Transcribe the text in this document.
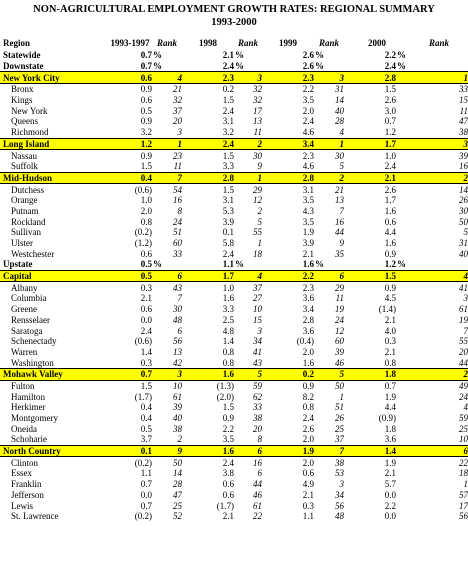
NON-AGRICULTURAL EMPLOYMENT GROWTH RATES: REGIONAL SUMMARY
1993-2000
Region	1993-1997	Rank	1998	Rank	1999	Rank	2000		Rank
Statewide	0.7	%	2.1	%	2.6	%	2.2	%	
Downstate	0.7	%	2.4	%	2.6	%	2.4	%	
New York City	0.6	4	2.3	3	2.3	3	2.8		1
Bronx	0.9	21	0.2	32	2.2	31	1.5		33
Kings	0.6	32	1.5	32	3.5	14	2.6		15
New York	0.5	37	2.4	17	2.0	40	3.0		11
Queens	0.9	20	3.1	13	2.4	28	0.7		47
Richmond	3.2	3	3.2	11	4.6	4	1.2		38
Long Island	1.2	1	2.4	2	3.4	1	1.7		3
Nassau	0.9	23	1.5	30	2.3	30	1.0		39
Suffolk	1.5	11	3.3	9	4.6	5	2.4		16
Mid-Hudson	0.4	7	2.8	1	2.8	2	2.1		2
Dutchess	(0.6)	54	1.5	29	3.1	21	2.6		14
Orange	1.0	16	3.1	12	3.5	13	1.7		26
Putnam	2.0	8	5.3	2	4.3	7	1.6		30
Rockland	0.8	24	3.9	5	3.5	16	0.6		50
Sullivan	(0.2)	51	0.1	55	1.9	44	4.4		5
Ulster	(1.2)	60	5.8	1	3.9	9	1.6		31
Westchester	0.6	33	2.4	18	2.1	35	0.9		40
Upstate	0.5	%	1.1	%	1.6	%	1.2	%	
Capital	0.5	6	1.7	4	2.2	6	1.5		4
Albany	0.3	43	1.0	37	2.3	29	0.9		41
Columbia	2.1	7	1.6	27	3.6	11	4.5		3
Greene	0.6	30	3.3	10	3.4	19	(1.4)		61
Rensselaer	0.0	48	2.5	15	2.8	24	2.1		19
Saratoga	2.4	6	4.8	3	3.6	12	4.0		7
Schenectady	(0.6)	56	1.4	34	(0.4)	60	0.3		55
Warren	1.4	13	0.8	41	2.0	39	2.1		20
Washington	0.3	42	0.8	43	1.6	46	0.8		44
Mohawk Valley	0.7	3	1.6	5	0.2	5	1.8		2
Fulton	1.5	10	(1.3)	59	0.9	50	0.7		49
Hamilton	(1.7)	61	(2.0)	62	8.2	1	1.9		24
Herkimer	0.4	39	1.5	33	0.8	51	4.4		4
Montgomery	0.4	40	0.9	38	2.4	26	(0.9)		59
Oneida	0.5	38	2.2	20	2.6	25	1.8		25
Schoharie	3.7	2	3.5	8	2.0	37	3.6		10
North Country	0.1	9	1.6	6	1.9	7	1.4		6
Clinton	(0.2)	50	2.4	16	2.0	38	1.9		22
Essex	1.1	14	3.8	6	0.6	53	2.1		18
Franklin	0.7	28	0.6	44	4.9	3	5.7		1
Jefferson	0.0	47	0.6	46	2.1	34	0.0		57
Lewis	0.7	25	(1.7)	61	0.3	56	2.2		17
St. Lawrence	(0.2)	52	2.1	22	1.1	48	0.0		56
